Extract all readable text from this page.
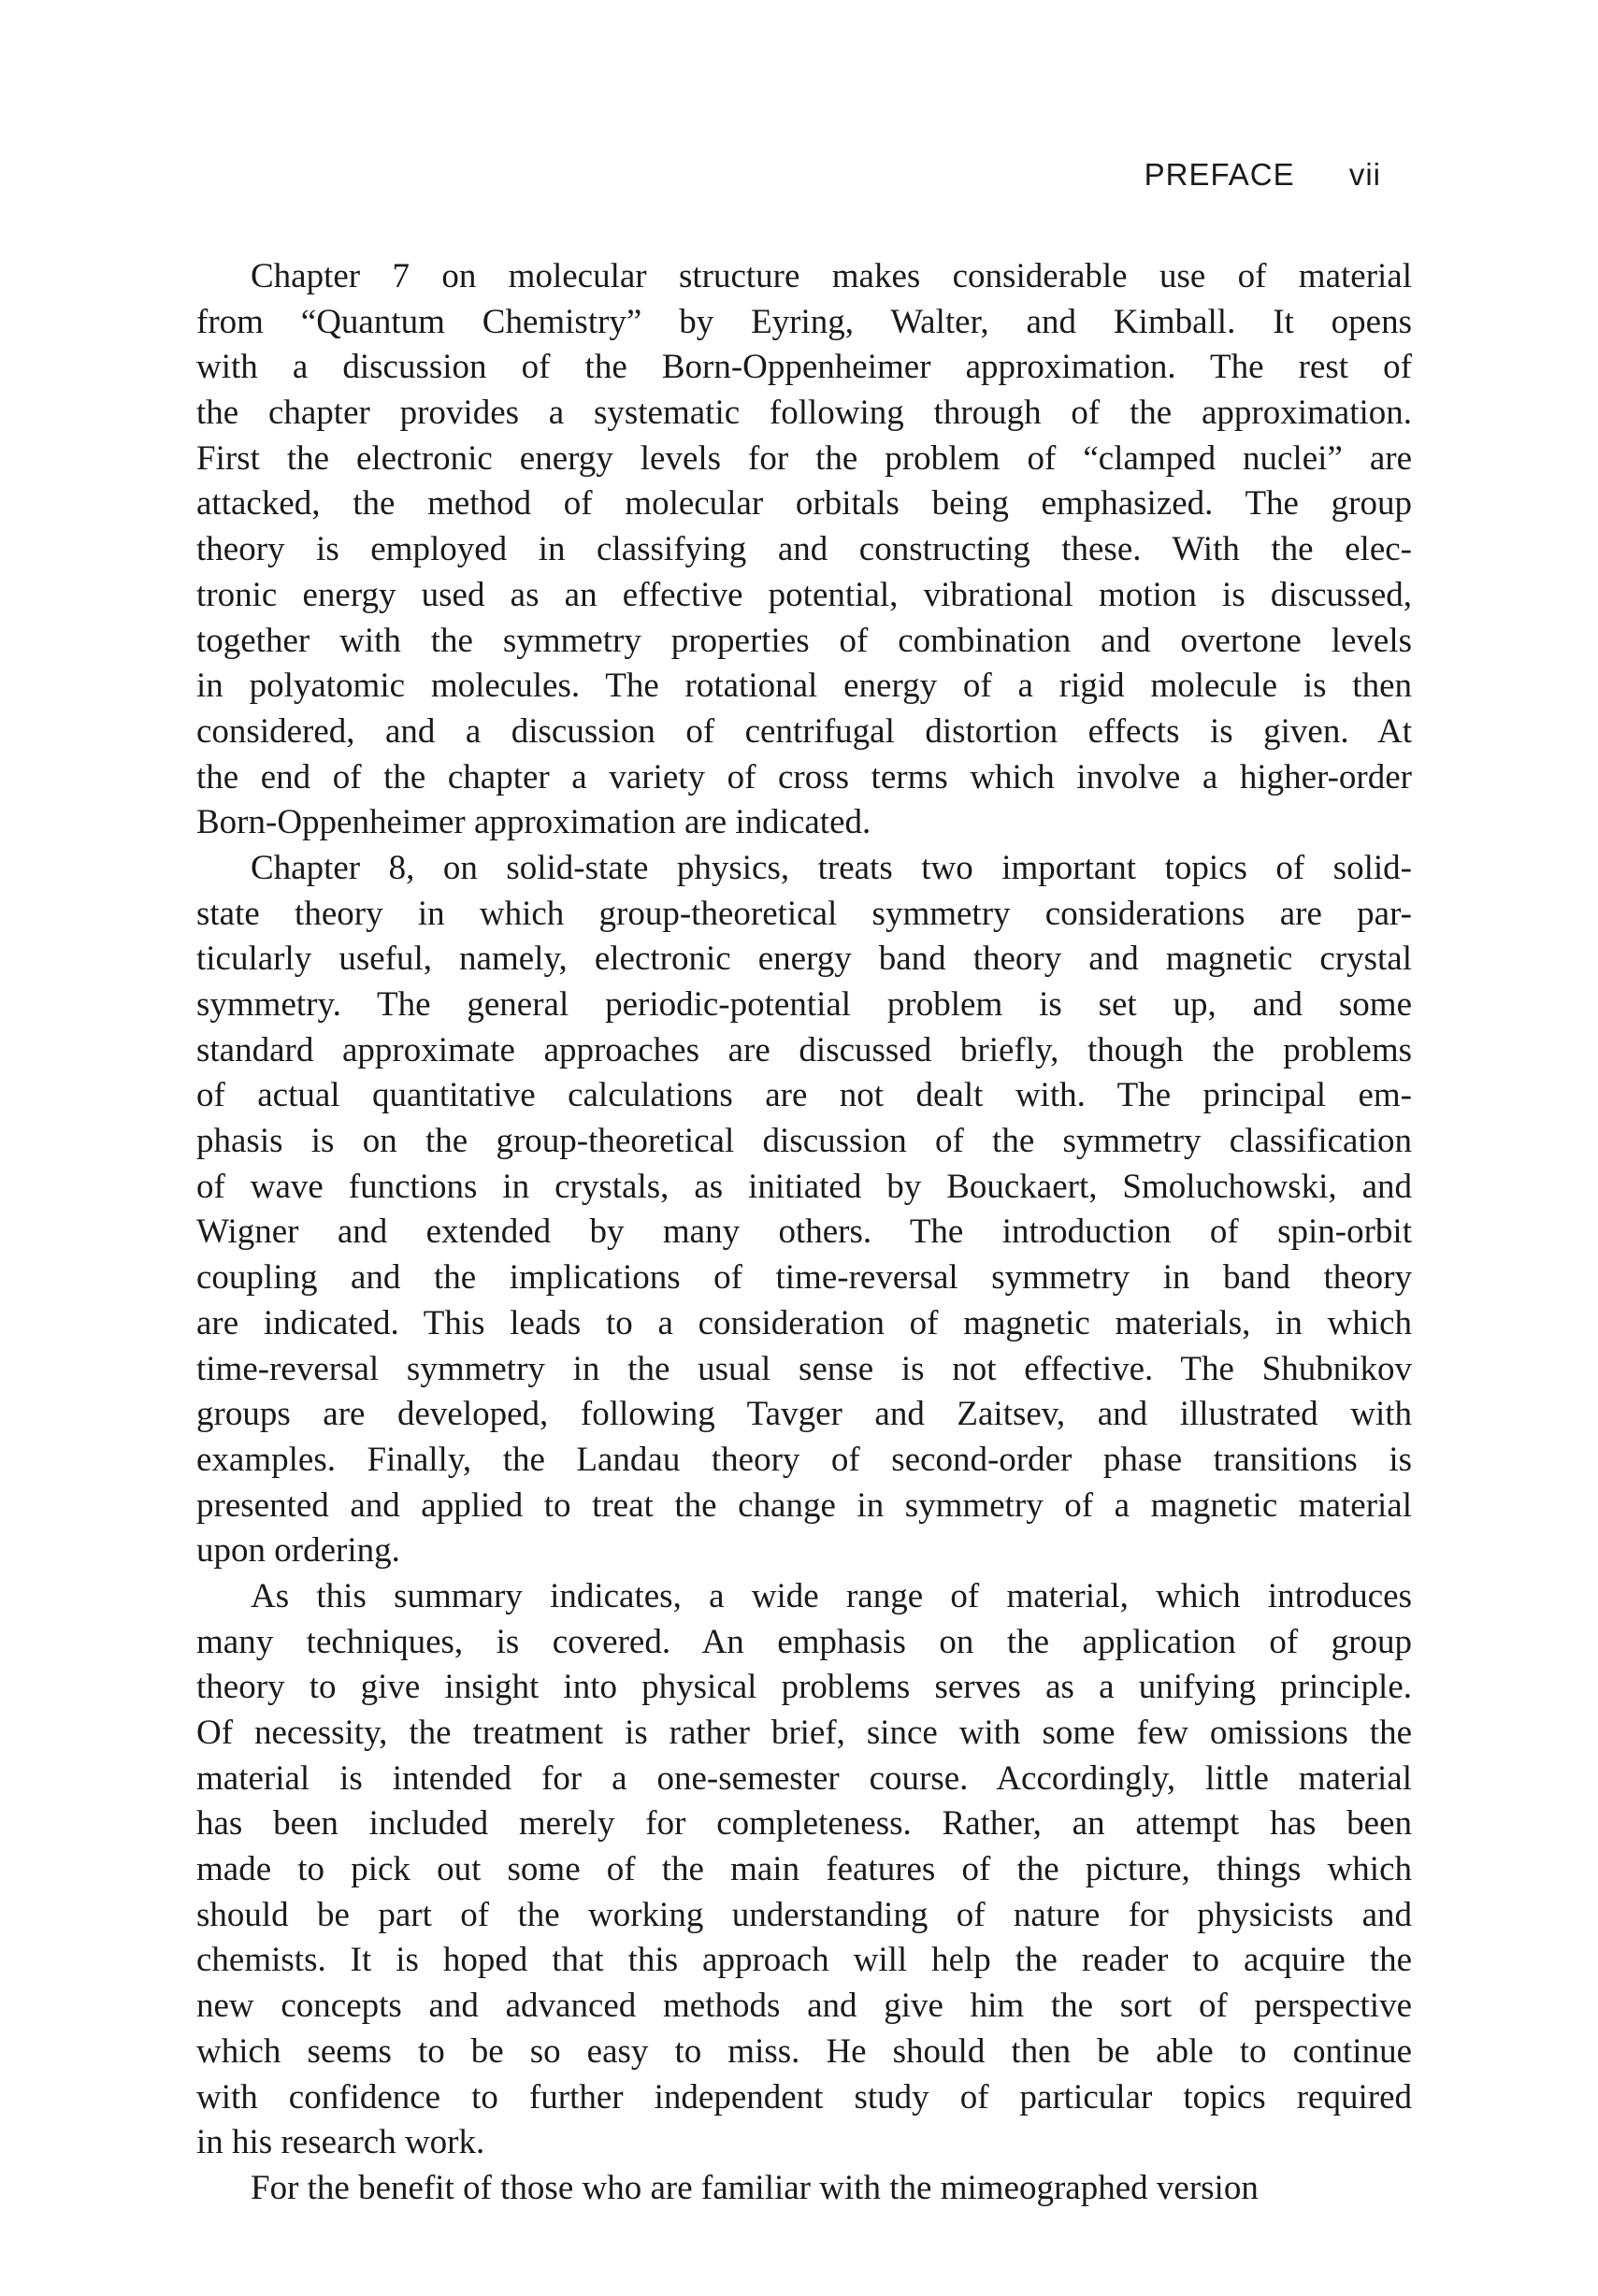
PREFACE vii

Chapter 7 on molecular structure makes considerable use of material
from “Quantum Chemistry” by Eyring, Walter, and Kimball. It opens
with a discussion of the Born-Oppenheimer approximation. The rest of
the chapter provides a systematic following through of the approximation.
First the electronic energy levels for the problem of “clamped nuclei” are
attacked, the method of molecular orbitals being emphasized. The group
theory is employed in classifying and constructing these. With the elec-
tronic energy used as an effective potential, vibrational motion is discussed,
together with the symmetry properties of combination and overtone levels
in polyatomic molecules. The rotational energy of a rigid molecule is then
considered, and a discussion of centrifugal distortion effects is given. At
the end of the chapter a variety of cross terms which involve a higher-order
Born-Oppenheimer approximation are indicated.

Chapter 8, on solid-state physics, treats two important topics of solid-
state theory in which group-theoretical symmetry considerations are par-
ticularly useful, namely, electronic energy band theory and magnetic crystal
symmetry. The general periodic-potential problem is set up, and some
standard approximate approaches are discussed briefly, though the problems
of actual quantitative calculations are not dealt with. The principal em-
phasis is on the group-theoretical discussion of the symmetry classification
of wave functions in crystals, as initiated by Bouckaert, Smoluchowski, and
Wigner and extended by many others. The introduction of spin-orbit
coupling and the implications of time-reversal symmetry in band theory
are indicated. This leads to a consideration of magnetic materials, in which
time-reversal symmetry in the usual sense is not effective. The Shubnikov
groups are developed, following Tavger and Zaitsev, and illustrated with
examples. Finally, the Landau theory of second-order phase transitions is
presented and applied to treat the change in symmetry of a magnetic material
upon ordering.

As this summary indicates, a wide range of material, which introduces
many techniques, is covered. An emphasis on the application of group
theory to give insight into physical problems serves as a unifying principle.
Of necessity, the treatment is rather brief, since with some few omissions the
material is intended for a one-semester course. Accordingly, little material
has been included merely for completeness. Rather, an attempt has been
made to pick out some of the main features of the picture, things which
should be part of the working understanding of nature for physicists and
chemists. It is hoped that this approach will help the reader to acquire the
new concepts and advanced methods and give him the sort of perspective
which seems to be so easy to miss. He should then be able to continue
with confidence to further independent study of particular topics required
in his research work.

For the benefit of those who are familiar with the mimeographed version
